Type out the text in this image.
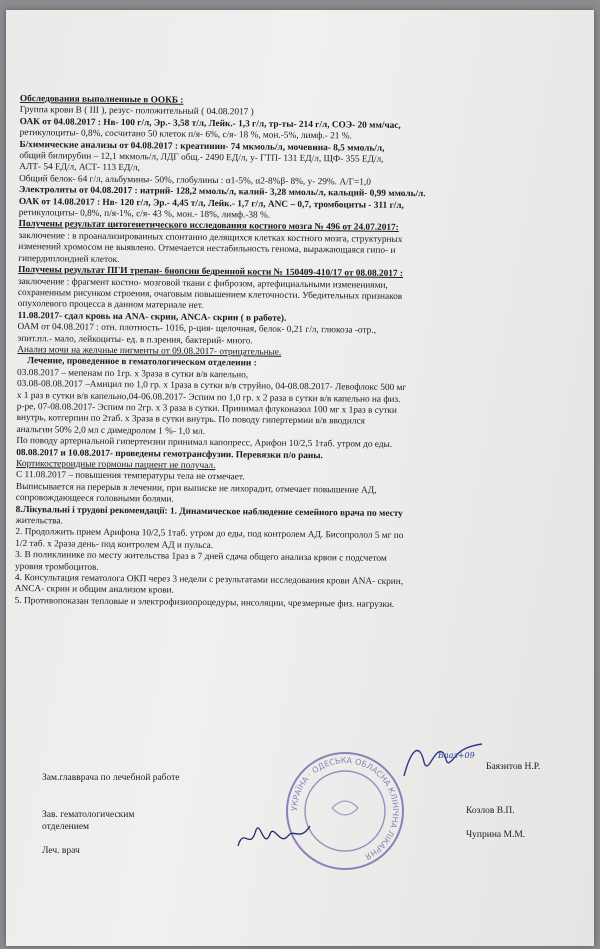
Обследования выполненные в ООКБ :

Группа крови В ( III ), резус- положительный ( 04.08.2017 )

ОАК от 04.08.2017 : Нв- 100 г/л, Эр.- 3,58 т/л, Лейк.- 1,3 г/л, тр-ты- 214 г/л, СОЭ- 20 мм/час,

ретикулоциты- 0,8%, сосчитано 50 клеток п/я- 6%, с/я- 18 %, мон.-5%, лимф.- 21 %.

Б/химические анализы от 04.08.2017 : креатинин- 74 мкмоль/л, мочевина- 8,5 ммоль/л,

общий билирубин – 12,1 мкмоль/л, ЛДГ общ.- 2490 ЕД/л, у- ГТП- 131 ЕД/л, ЩФ- 355 ЕД/л,

АЛТ- 54 ЕД/л, АСТ- 113 ЕД/л,

Общий белок- 64 г/л, альбумины- 50%, глобулины : α1-5%, α2-8%β- 8%, у- 29%. А/Г=1,0

Электролиты от 04.08.2017 : натрий- 128,2 ммоль/л, калий- 3,28 ммоль/л, кальций- 0,99 ммоль/л.

ОАК от 14.08.2017 : Нв- 120 г/л, Эр.- 4,45 т/л, Лейк.- 1,7 г/л, АNС – 0,7, тромбоциты - 311 г/л,

ретикулоциты- 0,8%, п/я-1%, с/я- 43 %, мон.- 18%, лимф.-38 %.

Получены результат цитогенетического исследования костного мозга № 496 от 24.07.2017:

заключение : в проанализированных спонтанно делящихся клетках костного мозга, структурных

изменений хромосом не выявлено. Отмечается нестабильность генома, выражающаяся гипо- и

гипердиплоидией клеток.

Получены результат ПГИ трепан- биопсии бедренной кости № 150409-410/17 от 08.08.2017 :

заключение : фрагмент костно- мозговой ткани с фиброзом, артефициальными изменениями,

сохраненным рисунком строения, очаговым повышением клеточности. Убедительных признаков

опухолевого процесса в данном материале нет.

11.08.2017- сдал кровь на ANA- скрин, ANCA- скрин ( в работе).

ОАМ от 04.08.2017 : отн. плотность- 1016, р-ция- щелочная, белок- 0,21 г/л, глюкоза -отр.,

эпит.пл.- мало, лейкоциты- ед. в п.зрения, бактерий- много.

Анализ мочи на желчные пигменты от 09.08.2017- отрицательные.

Лечение, проведенное в гематологическом отделении :

03.08.2017 – мепенам по 1гр. х 3раза в сутки в/в капельно,

03.08-08.08.2017 –Амицил по 1,0 гр. х 1раза в сутки в/в струйно, 04-08.08.2017- Левофлокс 500 мг

х 1 раз в сутки в/в капельно,04-06.08.2017- Эспим по 1,0 гр. х 2 раза в сутки в/в капельно на физ.

р-ре, 07-08.08.2017- Эспим по 2гр. х 3 раза в сутки. Принимал флуконазол 100 мг х 1раз в сутки

внутрь, котгерпин по 2таб. х 3раза в сутки внутрь. По поводу гипертермии в/в вводился

анальгин 50% 2,0 мл с димедролом 1 %- 1,0 мл.

По поводу артериальной гипертензии принимал капопресс, Арифон 10/2,5 1таб. утром до еды.

08.08.2017 и 10.08.2017- проведены гемотрансфузии. Перевязки п/о раны.

Кортикостероидные гормоны пациент не получал.

С 11.08.2017 – повышения температуры тела не отмечает.

Выписывается на перерыв в лечении, при выписке не лихорадит, отмечает повышение АД,

сопровождающееся головными болями.

8.Лікувальні і трудові рекомендації: 1. Динамическое наблюдение семейного врача по месту

жительства.

2. Продолжить прием Арифона 10/2,5 1таб. утром до еды, под контролем АД. Бисопролол 5 мг по

1/2 таб. х 2раза день- под контролем АД и пульса.

3. В поликлинике по месту жительства 1раз в 7 дней сдача общего анализа крвои с подсчетом

уровня тромбоцитов.

4. Консультация гематолога ОКП через 3 недели с результатами исследования крови ANA- скрин,

ANCA- скрин и общим анализом крови.

5. Противопоказан тепловые и электрофизиопроцедуры, инсоляции, чрезмерные физ. нагрузки.

Зам.главврача по лечебной работе
Баязитов Н.Р.
Зав. гематологическим
отделением
Козлов В.П.
Леч. врач
Чуприна М.М.
УКРАЇНА · ОДЕСЬКА ОБЛАСНА КЛІНІЧНА ЛІКАРНЯ
Бааз+09
